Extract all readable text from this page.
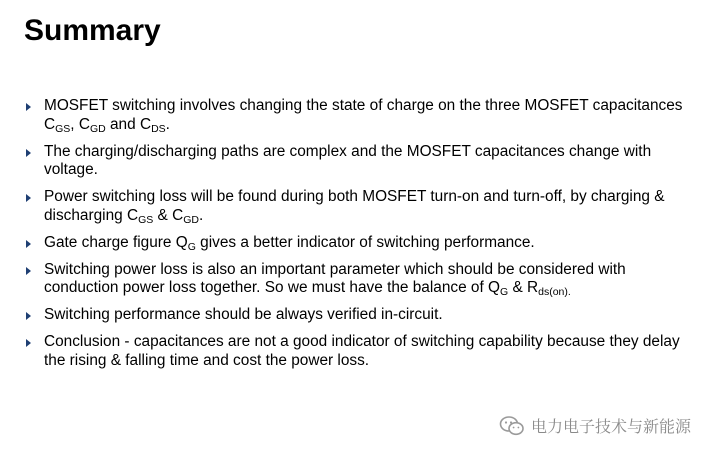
Summary
MOSFET switching involves changing the state of charge on the three MOSFET capacitances $C_{GS}$, $C_{GD}$ and $C_{DS}$.
The charging/discharging paths are complex and the MOSFET capacitances change with voltage.
Power switching loss will be found during both MOSFET turn-on and turn-off, by charging & discharging $C_{GS}$ & $C_{GD}$.
Gate charge figure $Q_G$ gives a better indicator of switching performance.
Switching power loss is also an important parameter which should be considered with conduction power loss together. So we must have the balance of $Q_G$ & $R_{ds(on).}$
Switching performance should be always verified in-circuit.
Conclusion - capacitances are not a good indicator of switching capability because they delay the rising & falling time and cost the power loss.
电力电子技术与新能源
